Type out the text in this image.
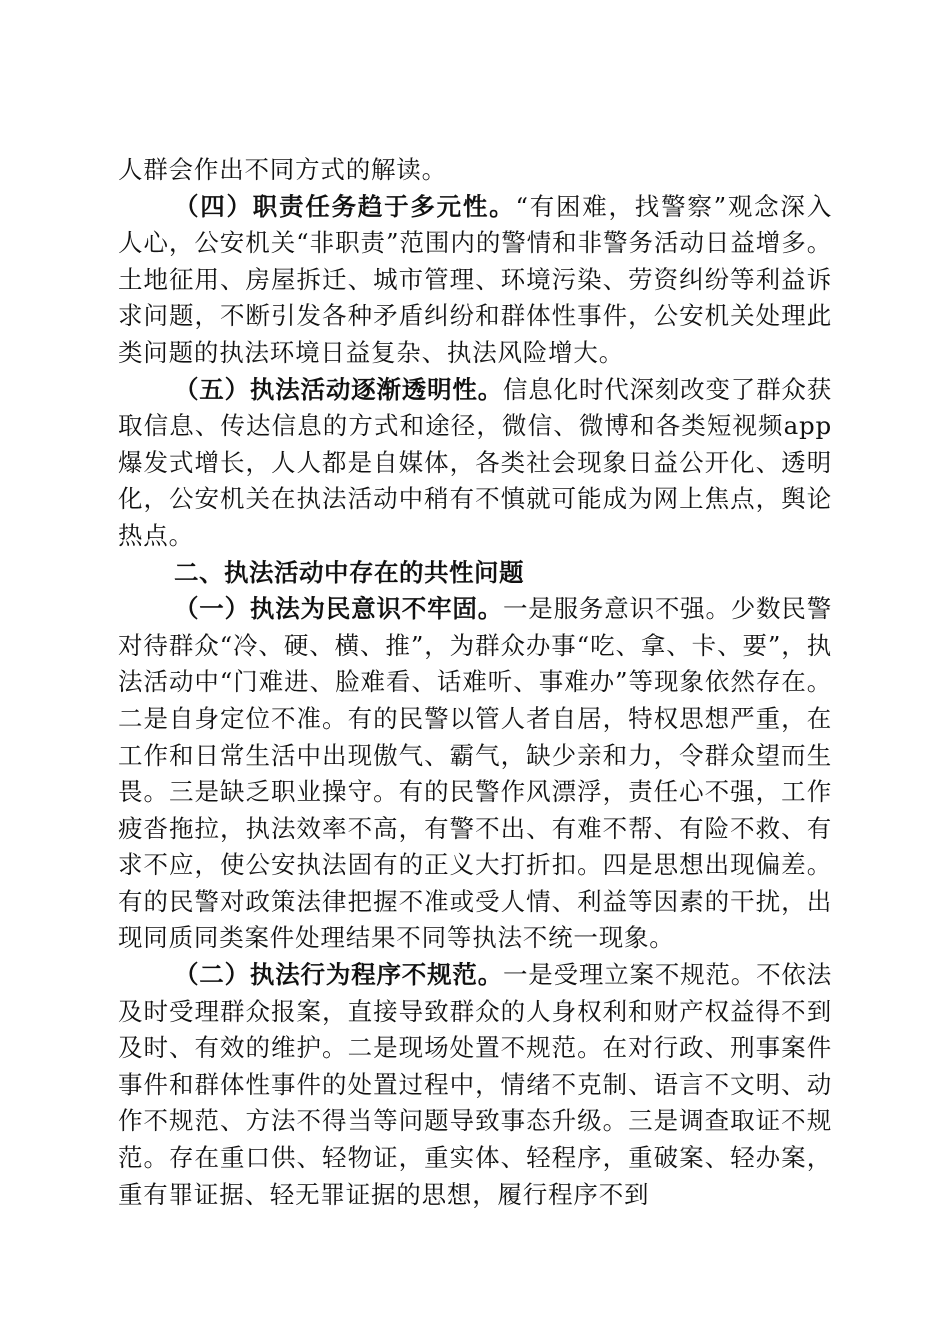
人群会作出不同方式的解读。

（四）职责任务趋于多元性。“有困难，找警察”观念深入人心，公安机关“非职责”范围内的警情和非警务活动日益增多。土地征用、房屋拆迁、城市管理、环境污染、劳资纠纷等利益诉求问题，不断引发各种矛盾纠纷和群体性事件，公安机关处理此类问题的执法环境日益复杂、执法风险增大。

（五）执法活动逐渐透明性。信息化时代深刻改变了群众获取信息、传达信息的方式和途径，微信、微博和各类短视频app爆发式增长，人人都是自媒体，各类社会现象日益公开化、透明化，公安机关在执法活动中稍有不慎就可能成为网上焦点，舆论热点。

二、执法活动中存在的共性问题

（一）执法为民意识不牢固。一是服务意识不强。少数民警对待群众“冷、硬、横、推”，为群众办事“吃、拿、卡、要”，执法活动中“门难进、脸难看、话难听、事难办”等现象依然存在。二是自身定位不准。有的民警以管人者自居，特权思想严重，在工作和日常生活中出现傲气、霸气，缺少亲和力，令群众望而生畏。三是缺乏职业操守。有的民警作风漂浮，责任心不强，工作疲沓拖拉，执法效率不高，有警不出、有难不帮、有险不救、有求不应，使公安执法固有的正义大打折扣。四是思想出现偏差。有的民警对政策法律把握不准或受人情、利益等因素的干扰，出现同质同类案件处理结果不同等执法不统一现象。

（二）执法行为程序不规范。一是受理立案不规范。不依法及时受理群众报案，直接导致群众的人身权利和财产权益得不到及时、有效的维护。二是现场处置不规范。在对行政、刑事案件事件和群体性事件的处置过程中，情绪不克制、语言不文明、动作不规范、方法不得当等问题导致事态升级。三是调查取证不规范。存在重口供、轻物证，重实体、轻程序，重破案、轻办案，重有罪证据、轻无罪证据的思想，履行程序不到
